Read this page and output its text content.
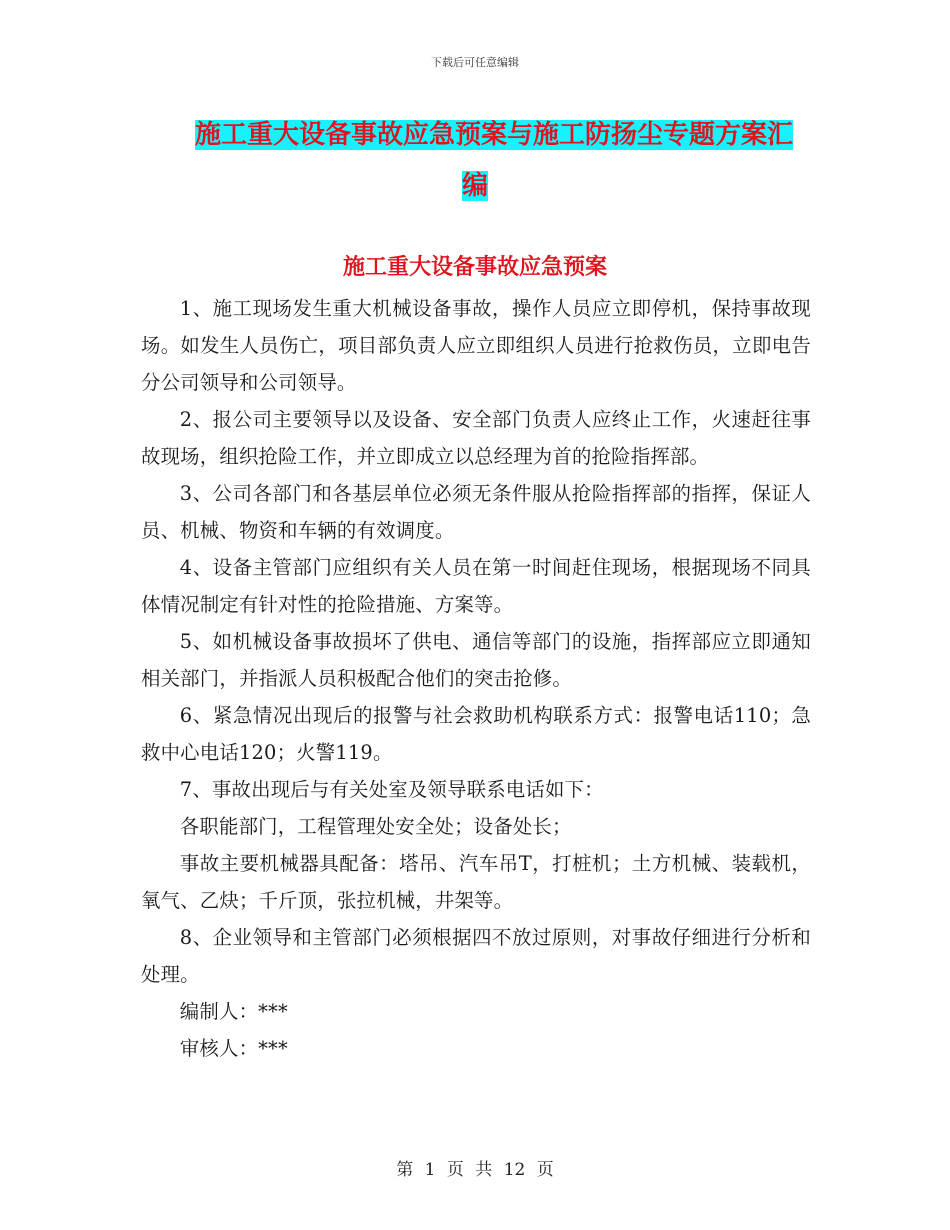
下载后可任意编辑
施工重大设备事故应急预案与施工防扬尘专题方案汇
编
施工重大设备事故应急预案

1、施工现场发生重大机械设备事故，操作人员应立即停机，保持事故现场。如发生人员伤亡，项目部负责人应立即组织人员进行抢救伤员，立即电告分公司领导和公司领导。

2、报公司主要领导以及设备、安全部门负责人应终止工作，火速赶往事故现场，组织抢险工作，并立即成立以总经理为首的抢险指挥部。

3、公司各部门和各基层单位必须无条件服从抢险指挥部的指挥，保证人员、机械、物资和车辆的有效调度。

4、设备主管部门应组织有关人员在第一时间赶住现场，根据现场不同具体情况制定有针对性的抢险措施、方案等。

5、如机械设备事故损坏了供电、通信等部门的设施，指挥部应立即通知相关部门，并指派人员积极配合他们的突击抢修。

6、紧急情况出现后的报警与社会救助机构联系方式：报警电话110；急救中心电话120；火警119。

7、事故出现后与有关处室及领导联系电话如下：

各职能部门，工程管理处安全处；设备处长；

事故主要机械器具配备：塔吊、汽车吊T，打桩机；土方机械、装载机，氧气、乙炔；千斤顶，张拉机械，井架等。

8、企业领导和主管部门必须根据四不放过原则，对事故仔细进行分析和处理。

编制人：***

审核人：***

第 1 页 共 12 页
